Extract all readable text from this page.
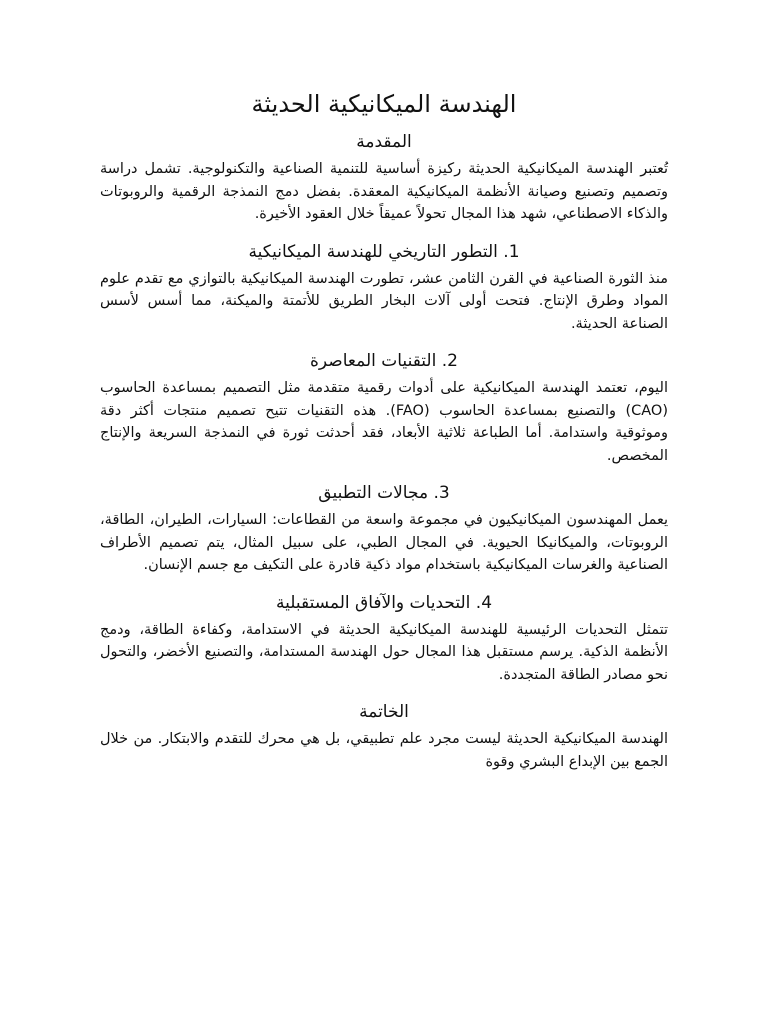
الهندسة الميكانيكية الحديثة
المقدمة

تُعتبر الهندسة الميكانيكية الحديثة ركيزة أساسية للتنمية الصناعية والتكنولوجية. تشمل دراسة وتصميم وتصنيع وصيانة الأنظمة الميكانيكية المعقدة. بفضل دمج النمذجة الرقمية والروبوتات والذكاء الاصطناعي، شهد هذا المجال تحولاً عميقاً خلال العقود الأخيرة.

1. التطور التاريخي للهندسة الميكانيكية

منذ الثورة الصناعية في القرن الثامن عشر، تطورت الهندسة الميكانيكية بالتوازي مع تقدم علوم المواد وطرق الإنتاج. فتحت أولى آلات البخار الطريق للأتمتة والميكنة، مما أسس لأسس الصناعة الحديثة.

2. التقنيات المعاصرة

اليوم، تعتمد الهندسة الميكانيكية على أدوات رقمية متقدمة مثل التصميم بمساعدة الحاسوب (CAO) والتصنيع بمساعدة الحاسوب (FAO). هذه التقنيات تتيح تصميم منتجات أكثر دقة وموثوقية واستدامة. أما الطباعة ثلاثية الأبعاد، فقد أحدثت ثورة في النمذجة السريعة والإنتاج المخصص.

3. مجالات التطبيق

يعمل المهندسون الميكانيكيون في مجموعة واسعة من القطاعات: السيارات، الطيران، الطاقة، الروبوتات، والميكانيكا الحيوية. في المجال الطبي، على سبيل المثال، يتم تصميم الأطراف الصناعية والغرسات الميكانيكية باستخدام مواد ذكية قادرة على التكيف مع جسم الإنسان.

4. التحديات والآفاق المستقبلية

تتمثل التحديات الرئيسية للهندسة الميكانيكية الحديثة في الاستدامة، وكفاءة الطاقة، ودمج الأنظمة الذكية. يرسم مستقبل هذا المجال حول الهندسة المستدامة، والتصنيع الأخضر، والتحول نحو مصادر الطاقة المتجددة.

الخاتمة

الهندسة الميكانيكية الحديثة ليست مجرد علم تطبيقي، بل هي محرك للتقدم والابتكار. من خلال الجمع بين الإبداع البشري وقوة
